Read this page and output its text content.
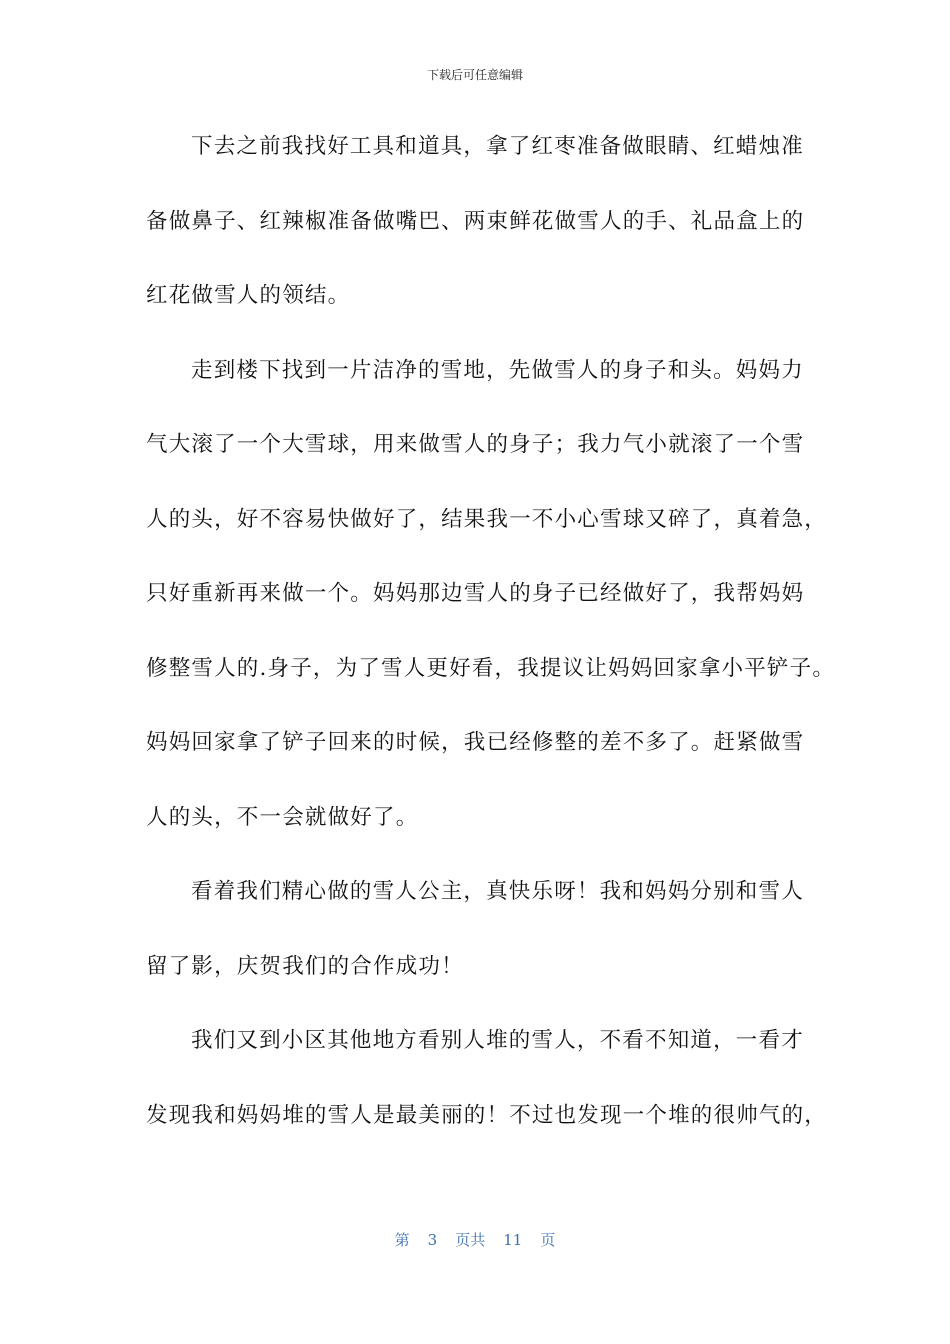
下载后可任意编辑
下去之前我找好工具和道具，拿了红枣准备做眼睛、红蜡烛准
备做鼻子、红辣椒准备做嘴巴、两束鲜花做雪人的手、礼品盒上的
红花做雪人的领结。
走到楼下找到一片洁净的雪地，先做雪人的身子和头。妈妈力
气大滚了一个大雪球，用来做雪人的身子；我力气小就滚了一个雪
人的头，好不容易快做好了，结果我一不小心雪球又碎了，真着急，
只好重新再来做一个。妈妈那边雪人的身子已经做好了，我帮妈妈
修整雪人的.身子，为了雪人更好看，我提议让妈妈回家拿小平铲子。
妈妈回家拿了铲子回来的时候，我已经修整的差不多了。赶紧做雪
人的头，不一会就做好了。
看着我们精心做的雪人公主，真快乐呀！我和妈妈分别和雪人
留了影，庆贺我们的合作成功！
我们又到小区其他地方看别人堆的雪人，不看不知道，一看才
发现我和妈妈堆的雪人是最美丽的！不过也发现一个堆的很帅气的，
第 3 页共 11 页
